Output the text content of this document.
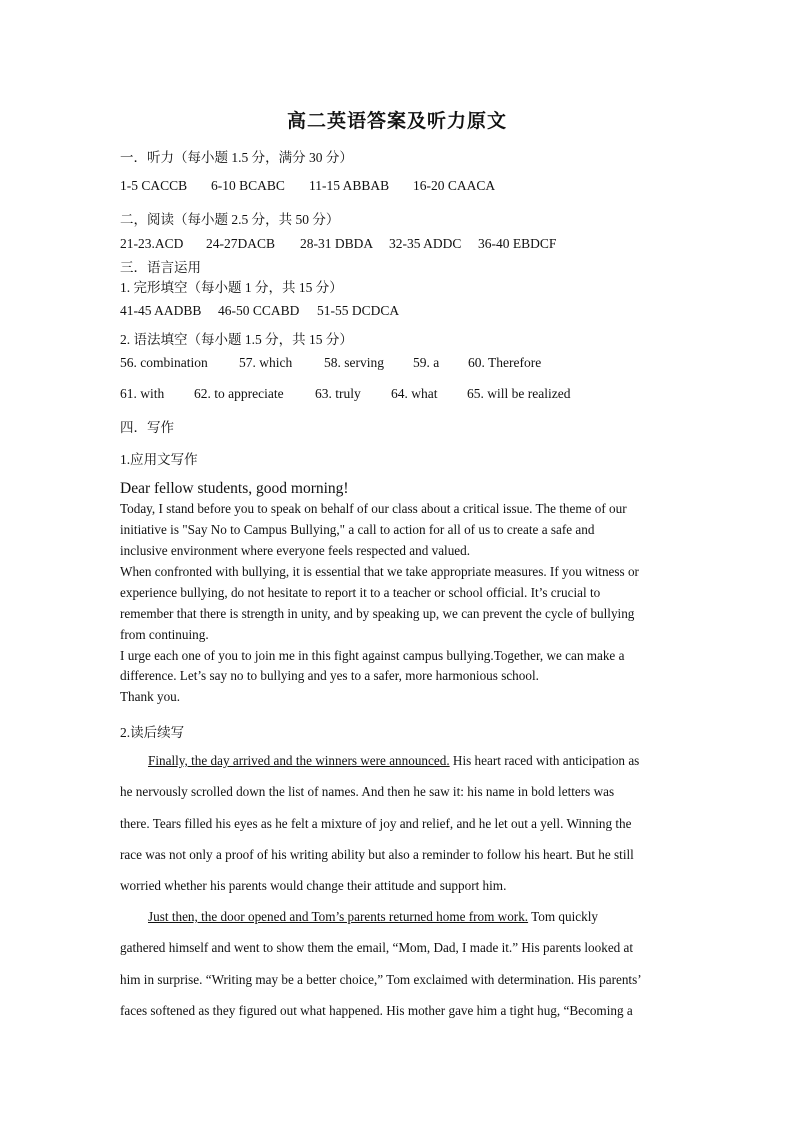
高二英语答案及听力原文
一．听力（每小题 1.5 分，满分 30 分）
1-5 CACCB 6-10 BCABC 11-15 ABBAB 16-20 CAACA
二，阅读（每小题 2.5 分，共 50 分）
21-23.ACD 24-27DACB 28-31 DBDA 32-35 ADDC 36-40 EBDCF
三．语言运用
1. 完形填空（每小题 1 分，共 15 分）
41-45 AADBB 46-50 CCABD 51-55 DCDCA
2. 语法填空（每小题 1.5 分，共 15 分）
56. combination 57. which 58. serving 59. a 60. Therefore
61. with 62. to appreciate 63. truly 64. what 65. will be realized
四．写作
1.应用文写作
Dear fellow students, good morning!
Today, I stand before you to speak on behalf of our class about a critical issue. The theme of our
initiative is "Say No to Campus Bullying," a call to action for all of us to create a safe and
inclusive environment where everyone feels respected and valued.
When confronted with bullying, it is essential that we take appropriate measures. If you witness or
experience bullying, do not hesitate to report it to a teacher or school official. It’s crucial to
remember that there is strength in unity, and by speaking up, we can prevent the cycle of bullying
from continuing.
I urge each one of you to join me in this fight against campus bullying.Together, we can make a
difference. Let’s say no to bullying and yes to a safer, more harmonious school.
Thank you.
2.读后续写
Finally, the day arrived and the winners were announced. His heart raced with anticipation as
he nervously scrolled down the list of names. And then he saw it: his name in bold letters was
there. Tears filled his eyes as he felt a mixture of joy and relief, and he let out a yell. Winning the
race was not only a proof of his writing ability but also a reminder to follow his heart. But he still
worried whether his parents would change their attitude and support him.
Just then, the door opened and Tom’s parents returned home from work. Tom quickly
gathered himself and went to show them the email, “Mom, Dad, I made it.” His parents looked at
him in surprise. “Writing may be a better choice,” Tom exclaimed with determination. His parents’
faces softened as they figured out what happened. His mother gave him a tight hug, “Becoming a
